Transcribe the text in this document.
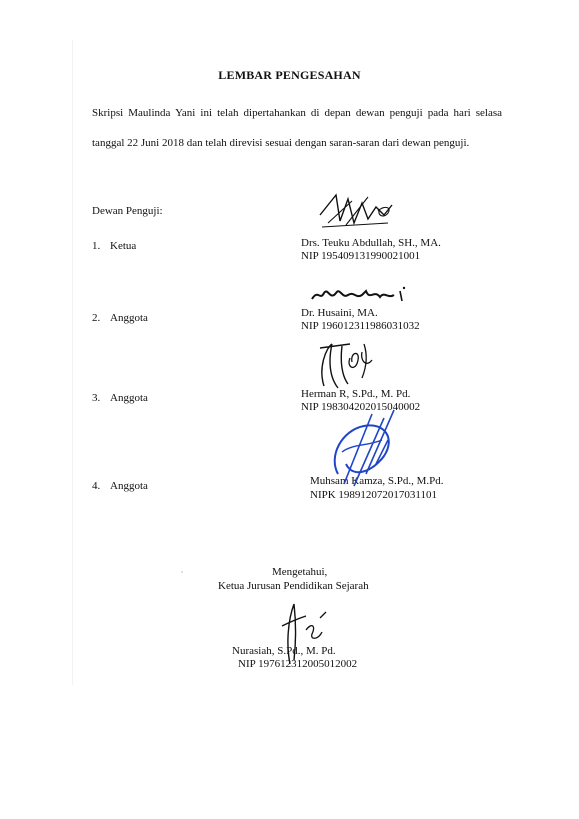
LEMBAR PENGESAHAN
Skripsi Maulinda Yani ini telah dipertahankan di depan dewan penguji pada hari selasa tanggal 22 Juni 2018 dan telah direvisi sesuai dengan saran-saran dari dewan penguji.
Dewan Penguji:
1. Ketua	Drs. Teuku Abdullah, SH., MA.
NIP 195409131990021001
2. Anggota	Dr. Husaini, MA.
NIP 196012311986031032
3. Anggota	Herman R, S.Pd., M. Pd.
NIP 198304202015040002
4. Anggota	Muhsam Kamza, S.Pd., M.Pd.
NIPK 198912072017031101
Mengetahui,
Ketua Jurusan Pendidikan Sejarah
Nurasiah, S.Pd., M. Pd.
NIP 197612312005012002
